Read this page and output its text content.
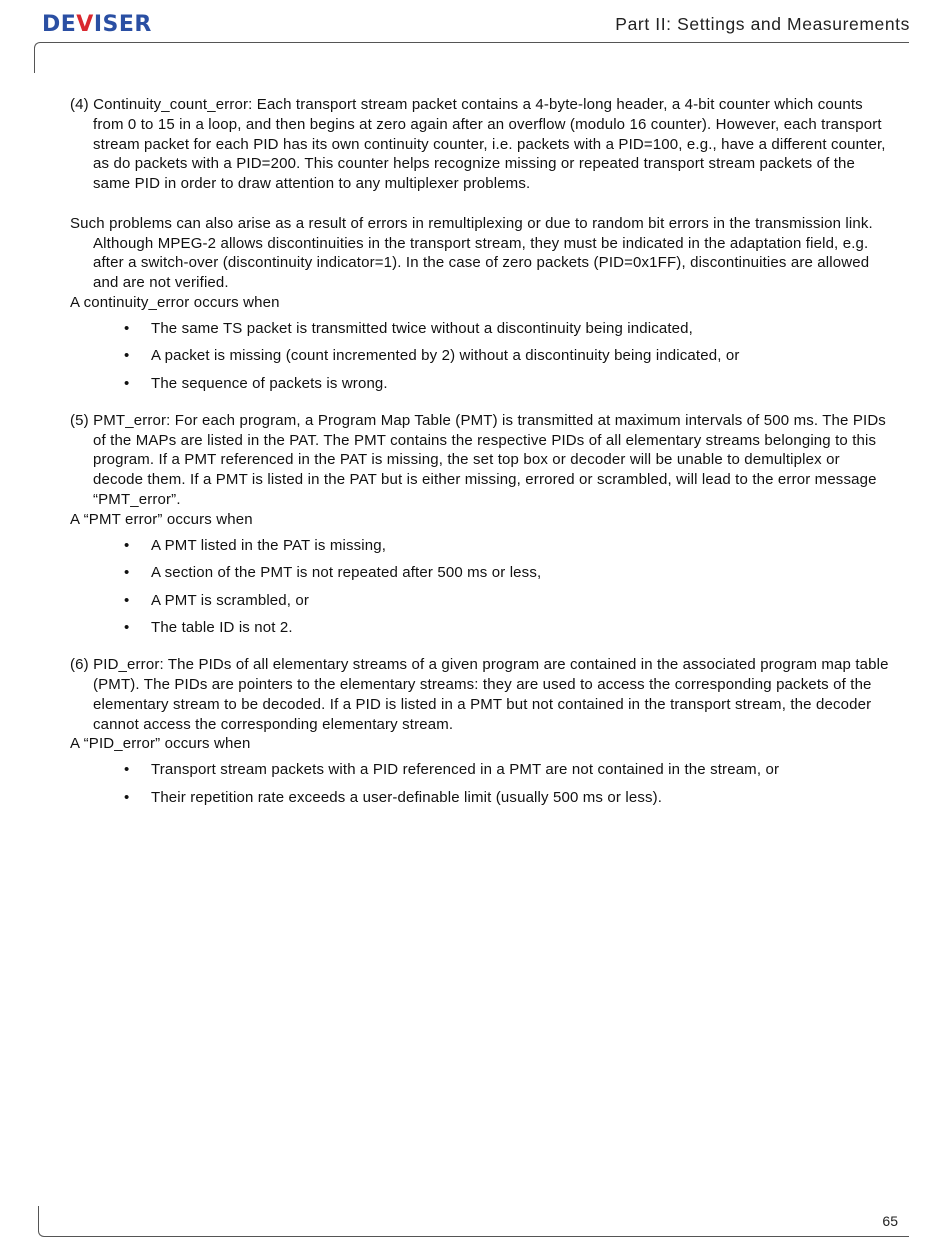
DEVISER	Part II: Settings and Measurements

(4) Continuity_count_error: Each transport stream packet contains a 4-byte-long header, a 4-bit counter which counts from 0 to 15 in a loop, and then begins at zero again after an overflow (modulo 16 counter). However, each transport stream packet for each PID has its own continuity counter, i.e. packets with a PID=100, e.g., have a different counter, as do packets with a PID=200. This counter helps recognize missing or repeated transport stream packets of the same PID in order to draw attention to any multiplexer problems.

Such problems can also arise as a result of errors in remultiplexing or due to random bit errors in the transmission link. Although MPEG-2 allows discontinuities in the transport stream, they must be indicated in the adaptation field, e.g. after a switch-over (discontinuity indicator=1). In the case of zero packets (PID=0x1FF), discontinuities are allowed and are not verified.

A continuity_error occurs when

• The same TS packet is transmitted twice without a discontinuity being indicated,
• A packet is missing (count incremented by 2) without a discontinuity being indicated, or
• The sequence of packets is wrong.

(5) PMT_error: For each program, a Program Map Table (PMT) is transmitted at maximum intervals of 500 ms. The PIDs of the MAPs are listed in the PAT. The PMT contains the respective PIDs of all elementary streams belonging to this program. If a PMT referenced in the PAT is missing, the set top box or decoder will be unable to demultiplex or decode them. If a PMT is listed in the PAT but is either missing, errored or scrambled, will lead to the error message “PMT_error”.

A “PMT error” occurs when

• A PMT listed in the PAT is missing,
• A section of the PMT is not repeated after 500 ms or less,
• A PMT is scrambled, or
• The table ID is not 2.

(6) PID_error: The PIDs of all elementary streams of a given program are contained in the associated program map table (PMT). The PIDs are pointers to the elementary streams: they are used to access the corresponding packets of the elementary stream to be decoded. If a PID is listed in a PMT but not contained in the transport stream, the decoder cannot access the corresponding elementary stream.

A “PID_error” occurs when

• Transport stream packets with a PID referenced in a PMT are not contained in the stream, or
• Their repetition rate exceeds a user-definable limit (usually 500 ms or less).
65
